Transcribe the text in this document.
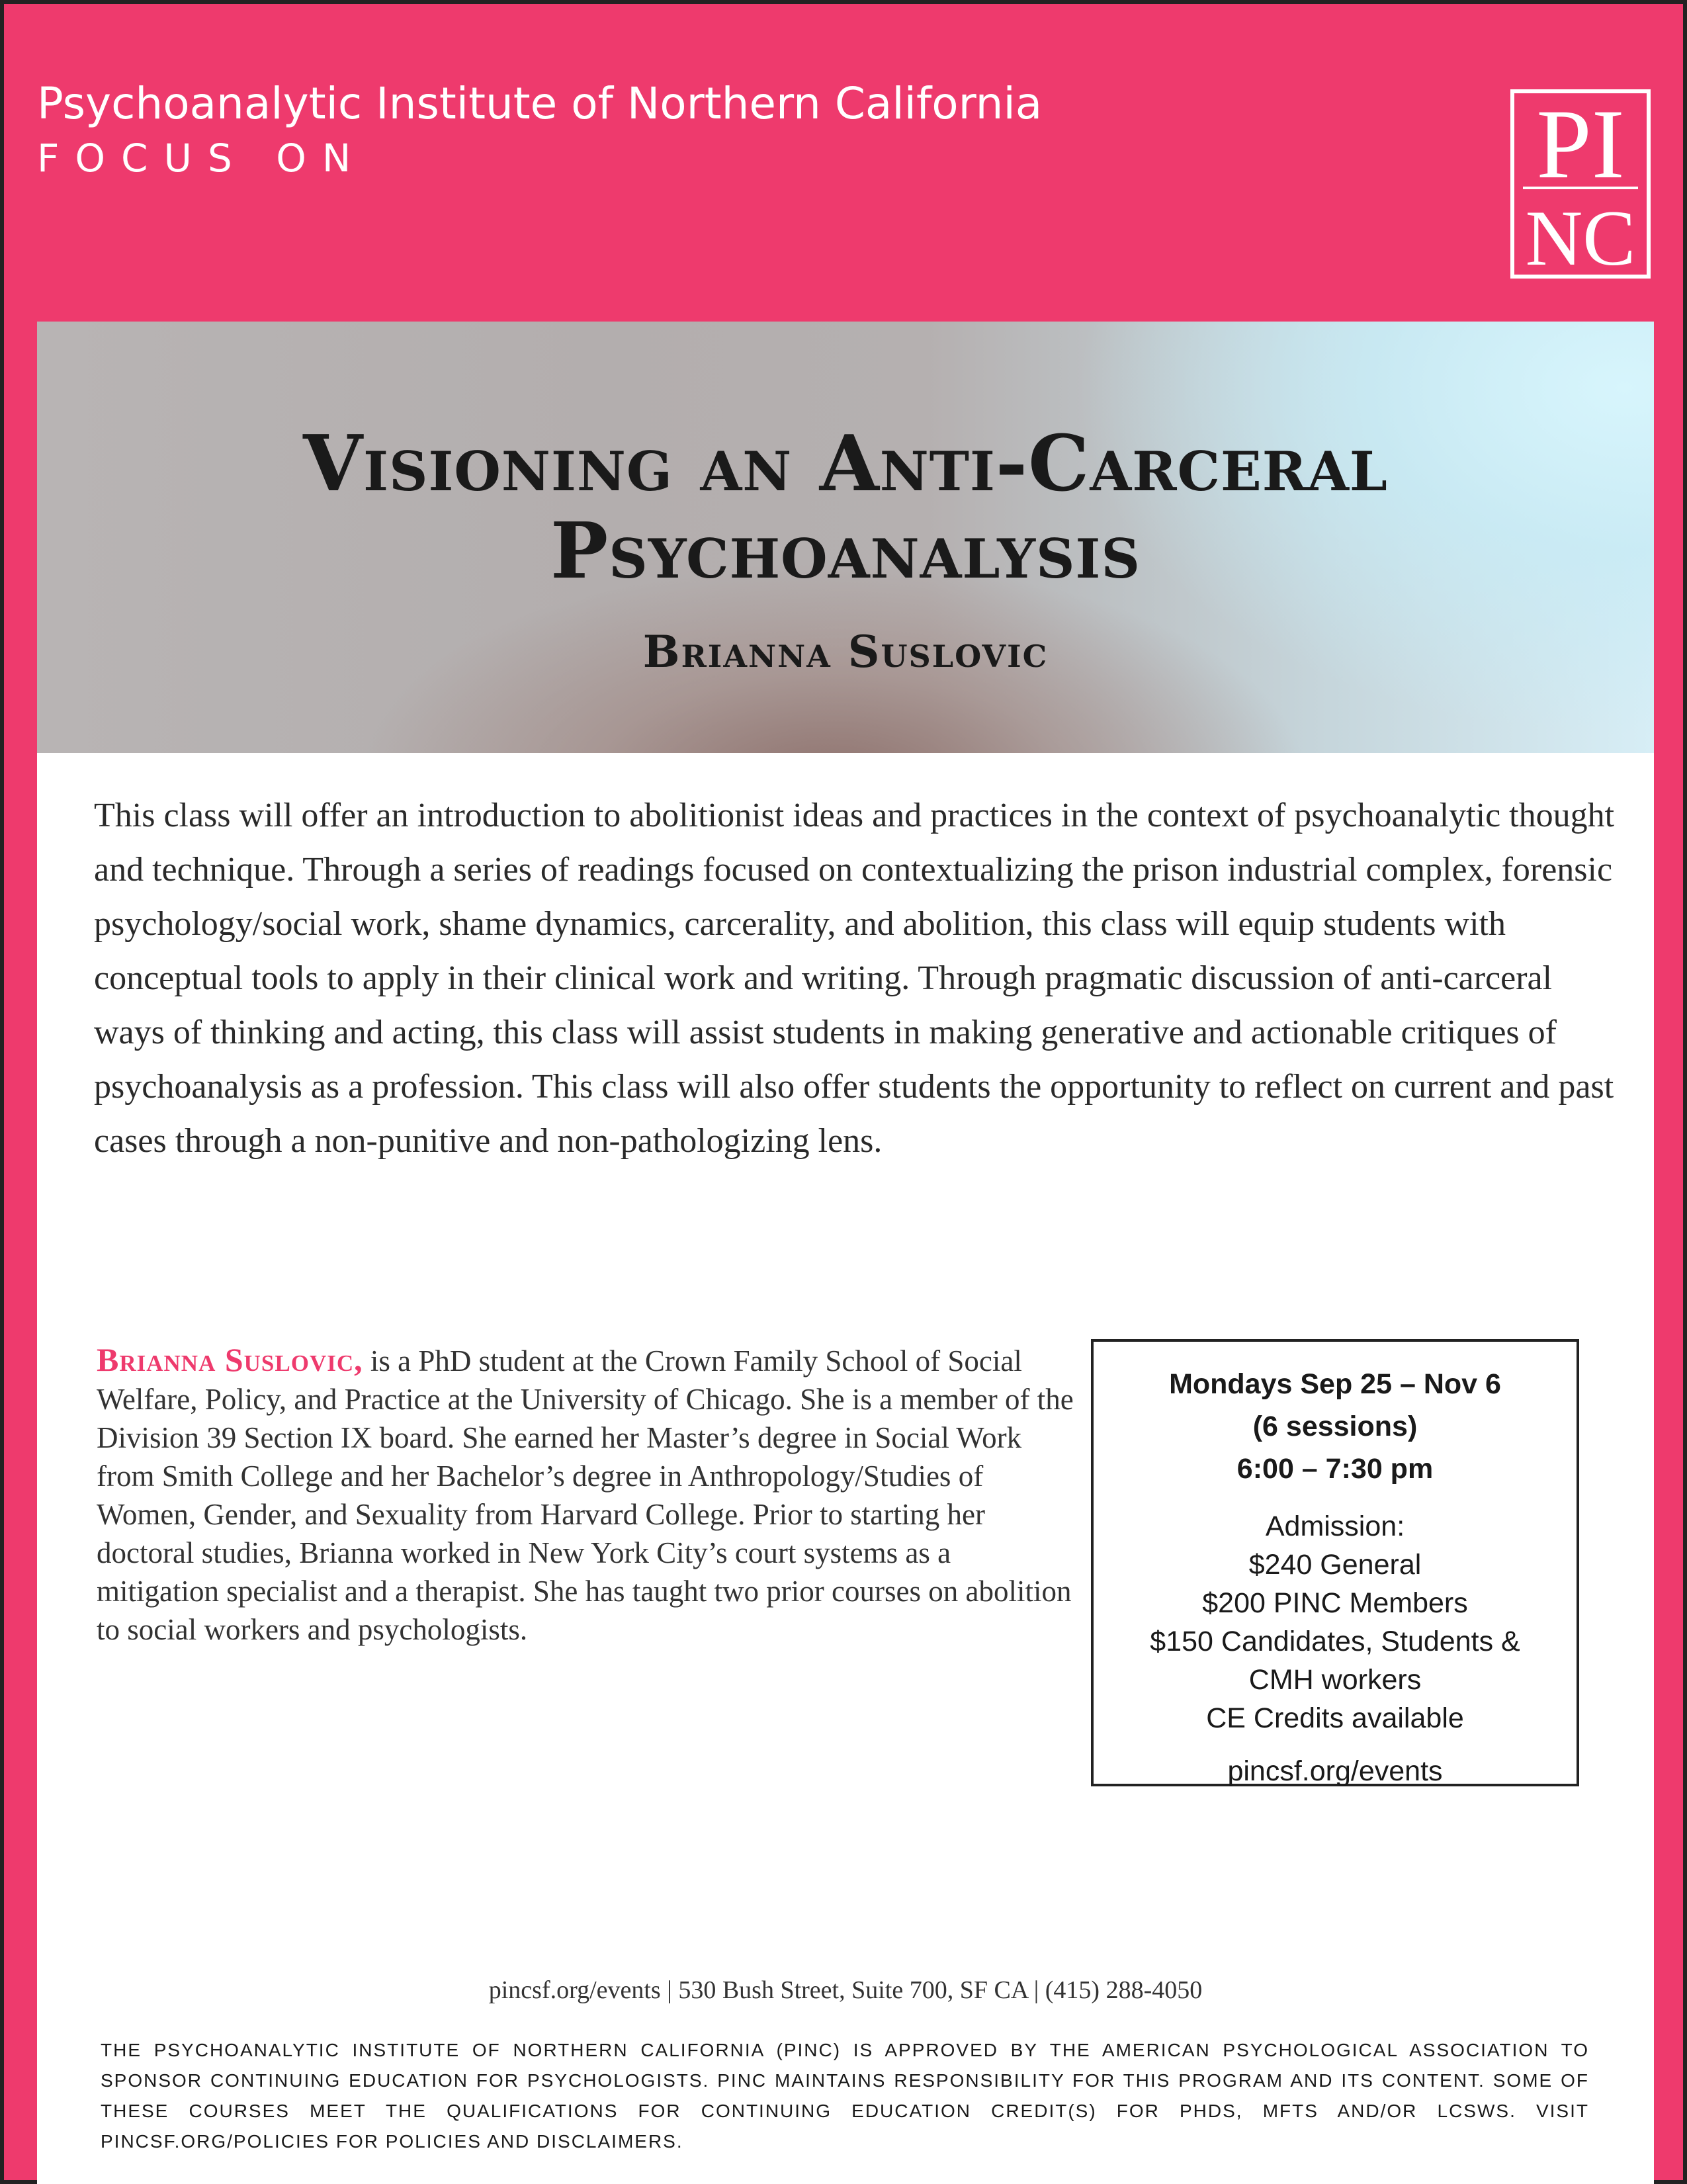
Psychoanalytic Institute of Northern California
FOCUS ON	PI
NC
Visioning an Anti-Carceral
Psychoanalysis
Brianna Suslovic
This class will offer an introduction to abolitionist ideas and practices in the context of psychoanalytic thought and technique. Through a series of readings focused on contextualizing the prison industrial complex, forensic psychology/social work, shame dynamics, carcerality, and abolition, this class will equip students with conceptual tools to apply in their clinical work and writing. Through pragmatic discussion of anti-carceral ways of thinking and acting, this class will assist students in making generative and actionable critiques of psychoanalysis as a profession. This class will also offer students the opportunity to reflect on current and past cases through a non-punitive and non-pathologizing lens.
Brianna Suslovic, is a PhD student at the Crown Family School of Social Welfare, Policy, and Practice at the University of Chicago. She is a member of the Division 39 Section IX board. She earned her Master’s degree in Social Work from Smith College and her Bachelor’s degree in Anthropology/Studies of Women, Gender, and Sexuality from Harvard College. Prior to starting her doctoral studies, Brianna worked in New York City’s court systems as a mitigation specialist and a therapist. She has taught two prior courses on abolition to social workers and psychologists.
Mondays Sep 25 – Nov 6
(6 sessions)
6:00 – 7:30 pm
Admission:
$240 General
$200 PINC Members
$150 Candidates, Students &
CMH workers
CE Credits available
pincsf.org/events
pincsf.org/events | 530 Bush Street, Suite 700, SF CA | (415) 288-4050
THE PSYCHOANALYTIC INSTITUTE OF NORTHERN CALIFORNIA (PINC) IS APPROVED BY THE AMERICAN PSYCHOLOGICAL ASSOCIATION TO SPONSOR CONTINUING EDUCATION FOR PSYCHOLOGISTS. PINC MAINTAINS RESPONSIBILITY FOR THIS PROGRAM AND ITS CONTENT. SOME OF THESE COURSES MEET THE QUALIFICATIONS FOR CONTINUING EDUCATION CREDIT(S) FOR PHDS, MFTS AND/OR LCSWS. VISIT PINCSF.ORG/POLICIES FOR POLICIES AND DISCLAIMERS.
